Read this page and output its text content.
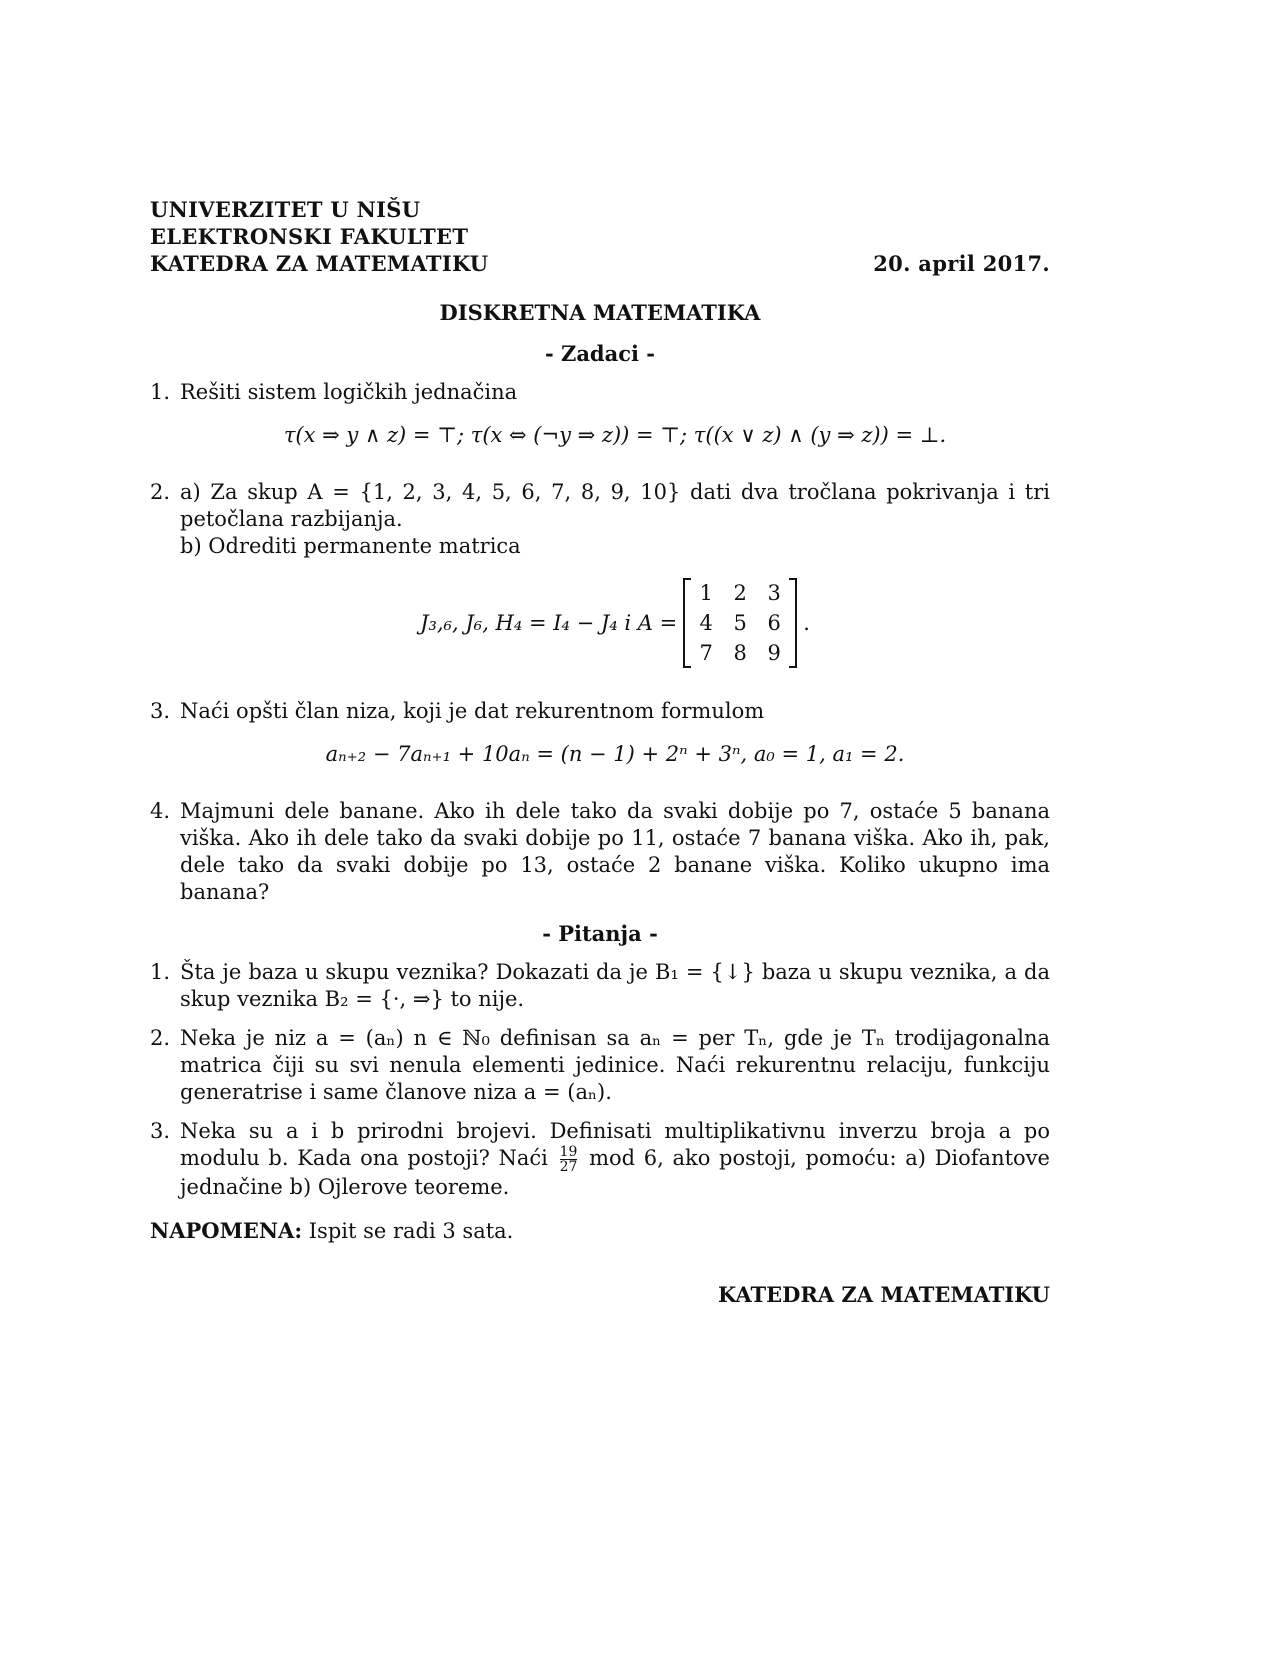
UNIVERZITET U NIŠU
ELEKTRONSKI FAKULTET
KATEDRA ZA MATEMATIKU	20. april 2017.
DISKRETNA MATEMATIKA
- Zadaci -
1. Rešiti sistem logičkih jednačina
τ(x ⇒ y ∧ z) = ⊤; τ(x ⇔ (¬y ⇒ z)) = ⊤; τ((x ∨ z) ∧ (y ⇒ z)) = ⊥.
2. a) Za skup A = {1, 2, 3, 4, 5, 6, 7, 8, 9, 10} dati dva tročlana pokrivanja i tri petočlana razbijanja.
b) Odrediti permanente matrica
J₃,₆, J₆, H₄ = I₄ − J₄ i A =
1 2 3
4 5 6
7 8 9
.
3. Naći opšti član niza, koji je dat rekurentnom formulom
aₙ₊₂ − 7aₙ₊₁ + 10aₙ = (n − 1) + 2ⁿ + 3ⁿ, a₀ = 1, a₁ = 2.
4. Majmuni dele banane. Ako ih dele tako da svaki dobije po 7, ostaće 5 banana viška. Ako ih dele tako da svaki dobije po 11, ostaće 7 banana viška. Ako ih, pak, dele tako da svaki dobije po 13, ostaće 2 banane viška. Koliko ukupno ima banana?
- Pitanja -
1. Šta je baza u skupu veznika? Dokazati da je B₁ = {↓} baza u skupu veznika, a da skup veznika B₂ = {·, ⇒} to nije.
2. Neka je niz a = (aₙ) n ∈ ℕ₀ definisan sa aₙ = per Tₙ, gde je Tₙ trodijagonalna matrica čiji su svi nenula elementi jedinice. Naći rekurentnu relaciju, funkciju generatrise i same članove niza a = (aₙ).
3. Neka su a i b prirodni brojevi. Definisati multiplikativnu inverzu broja a po modulu b. Kada ona postoji? Naći $\frac{19}{27}$ mod 6, ako postoji, pomoću: a) Diofantove jednačine b) Ojlerove teoreme.
NAPOMENA: Ispit se radi 3 sata.
KATEDRA ZA MATEMATIKU
